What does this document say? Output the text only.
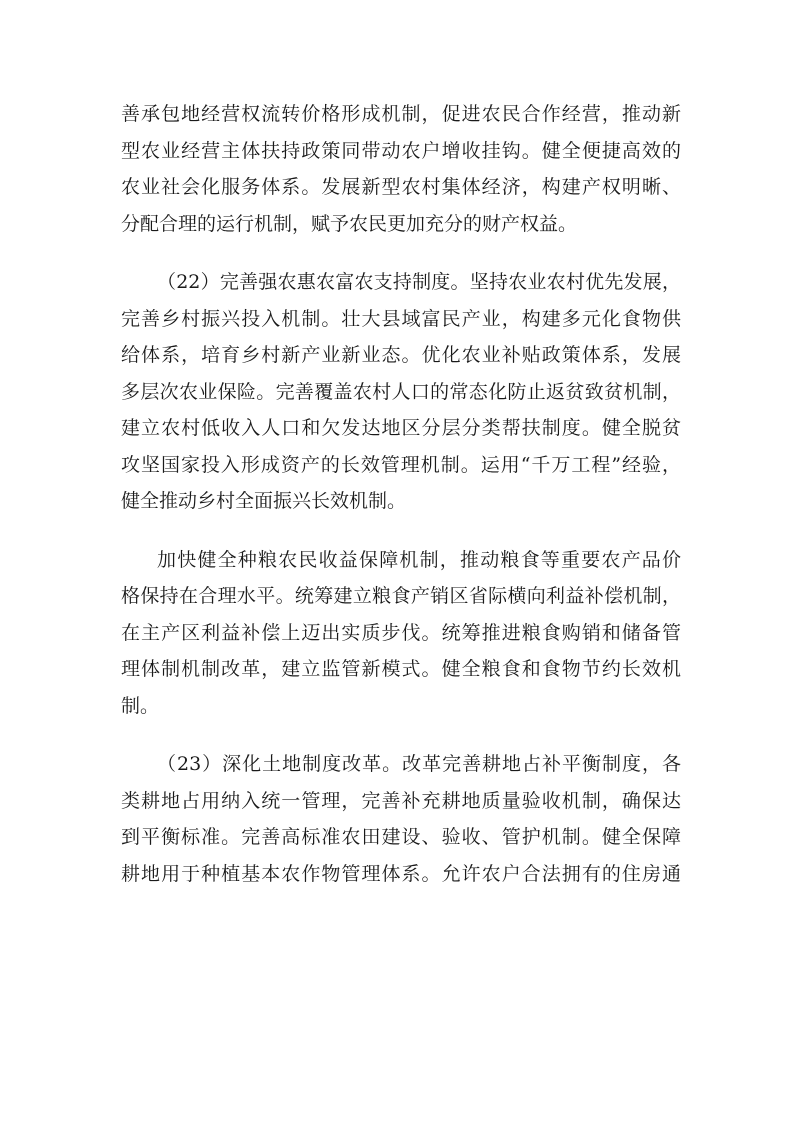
善承包地经营权流转价格形成机制，促进农民合作经营，推动新
型农业经营主体扶持政策同带动农户增收挂钩。健全便捷高效的
农业社会化服务体系。发展新型农村集体经济，构建产权明晰、
分配合理的运行机制，赋予农民更加充分的财产权益。
（22）完善强农惠农富农支持制度。坚持农业农村优先发展，
完善乡村振兴投入机制。壮大县域富民产业，构建多元化食物供
给体系，培育乡村新产业新业态。优化农业补贴政策体系，发展
多层次农业保险。完善覆盖农村人口的常态化防止返贫致贫机制，
建立农村低收入人口和欠发达地区分层分类帮扶制度。健全脱贫
攻坚国家投入形成资产的长效管理机制。运用“千万工程”经验，
健全推动乡村全面振兴长效机制。
加快健全种粮农民收益保障机制，推动粮食等重要农产品价
格保持在合理水平。统筹建立粮食产销区省际横向利益补偿机制，
在主产区利益补偿上迈出实质步伐。统筹推进粮食购销和储备管
理体制机制改革，建立监管新模式。健全粮食和食物节约长效机
制。
（23）深化土地制度改革。改革完善耕地占补平衡制度，各
类耕地占用纳入统一管理，完善补充耕地质量验收机制，确保达
到平衡标准。完善高标准农田建设、验收、管护机制。健全保障
耕地用于种植基本农作物管理体系。允许农户合法拥有的住房通
